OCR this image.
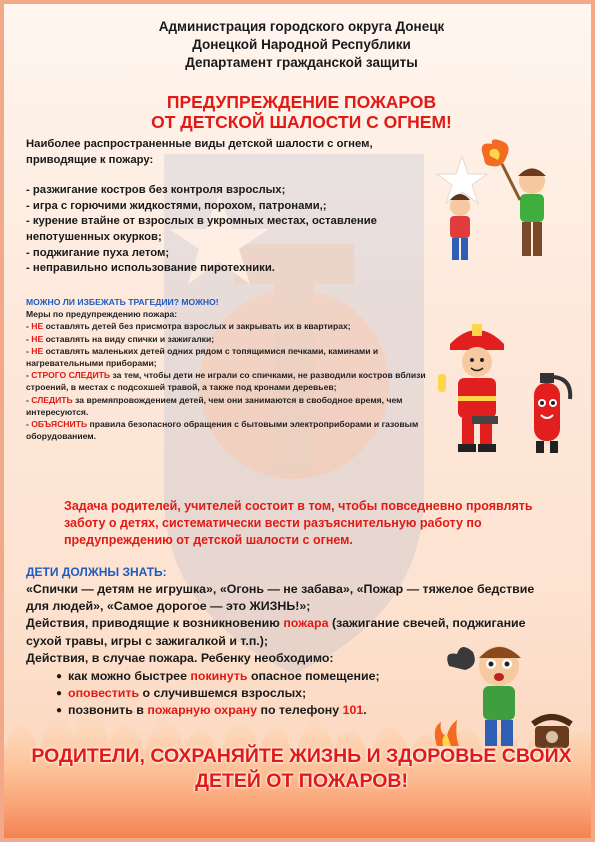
Администрация городского округа Донецк
Донецкой Народной Республики
Департамент гражданской защиты
ПРЕДУПРЕЖДЕНИЕ ПОЖАРОВ
ОТ ДЕТСКОЙ ШАЛОСТИ С ОГНЕМ!
Наиболее распространенные виды детской шалости с огнем, приводящие к пожару:
- разжигание костров без контроля взрослых;
- игра с горючими жидкостями, порохом, патронами,;
- курение втайне от взрослых в укромных местах, оставление непотушенных окурков;
- поджигание пуха летом;
- неправильно использование пиротехники.
МОЖНО ЛИ ИЗБЕЖАТЬ ТРАГЕДИИ? МОЖНО!
Меры по предупреждению пожара:
- НЕ оставлять детей без присмотра взрослых и закрывать их в квартирах;
- НЕ оставлять на виду спички и зажигалки;
- НЕ оставлять маленьких детей одних рядом с топящимися печками, каминами и нагревательными приборами;
- СТРОГО СЛЕДИТЬ за тем, чтобы дети не играли со спичками, не разводили костров вблизи строений, в местах с подсохшей травой, а также под кронами деревьев;
- СЛЕДИТЬ за времяпровождением детей, чем они занимаются в свободное время, чем интересуются.
- ОБЪЯСНИТЬ правила безопасного обращения с бытовыми электроприборами и газовым оборудованием.
Задача родителей, учителей состоит в том, чтобы повседневно проявлять заботу о детях, систематически вести разъяснительную работу по предупреждению от детской шалости с огнем.
ДЕТИ ДОЛЖНЫ ЗНАТЬ:
«Спички — детям не игрушка», «Огонь — не забава», «Пожар — тяжелое бедствие для людей», «Самое дорогое — это ЖИЗНЬ!»;
Действия, приводящие к возникновению пожара (зажигание свечей, поджигание сухой травы, игры с зажигалкой и т.п.);
Действия, в случае пожара. Ребенку необходимо:
● как можно быстрее покинуть опасное помещение;
● оповестить о случившемся взрослых;
● позвонить в пожарную охрану по телефону 101.
РОДИТЕЛИ, СОХРАНЯЙТЕ ЖИЗНЬ И ЗДОРОВЬЕ СВОИХ
ДЕТЕЙ ОТ ПОЖАРОВ!
